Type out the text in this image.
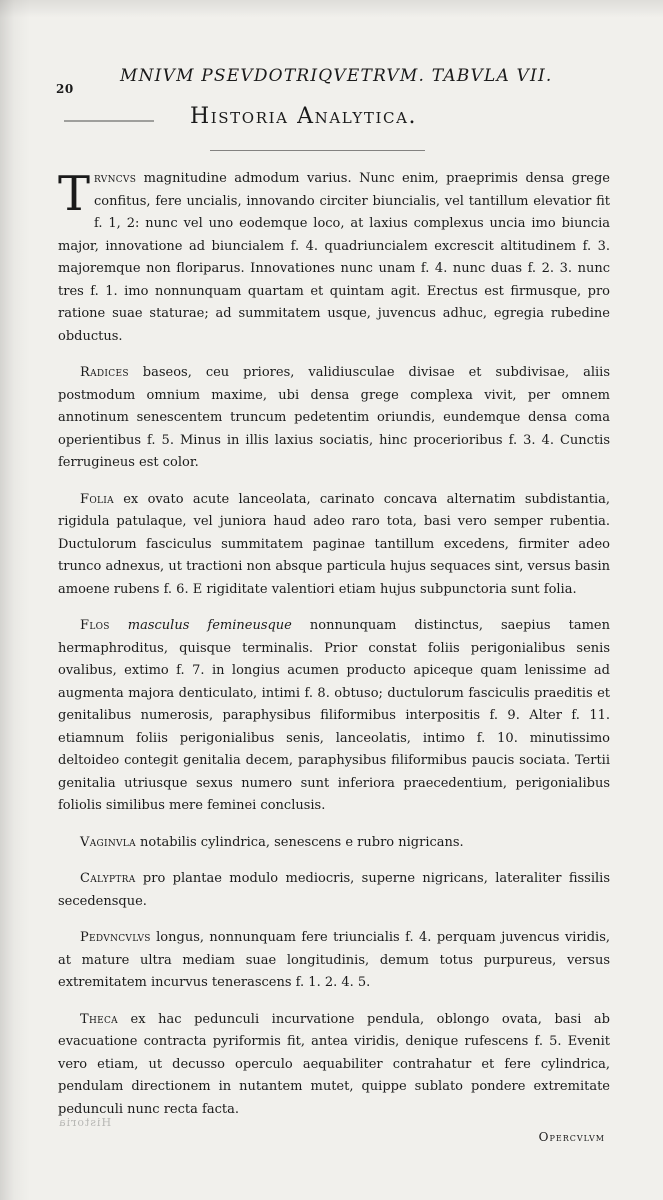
20
MNIVM PSEVDOTRIQVETRVM. TABVLA VII.
Historia Analytica.

Trvncvs magnitudine admodum varius. Nunc enim, praeprimis densa grege confitus, fere uncialis, innovando circiter biuncialis, vel tantillum elevatior fit f. 1, 2: nunc vel uno eodemque loco, at laxius complexus uncia imo biuncia major, innovatione ad biuncialem f. 4. quadriuncialem excrescit altitudinem f. 3. majoremque non floriparus. Innovationes nunc unam f. 4. nunc duas f. 2. 3. nunc tres f. 1. imo nonnunquam quartam et quintam agit. Erectus est firmusque, pro ratione suae staturae; ad summitatem usque, juvencus adhuc, egregia rubedine obductus.

Radices baseos, ceu priores, validiusculae divisae et subdivisae, aliis postmodum omnium maxime, ubi densa grege complexa vivit, per omnem annotinum senescentem truncum pedetentim oriundis, eundemque densa coma operientibus f. 5. Minus in illis laxius sociatis, hinc procerioribus f. 3. 4. Cunctis ferrugineus est color.

Folia ex ovato acute lanceolata, carinato concava alternatim subdistantia, rigidula patulaque, vel juniora haud adeo raro tota, basi vero semper rubentia. Ductulorum fasciculus summitatem paginae tantillum excedens, firmiter adeo trunco adnexus, ut tractioni non absque particula hujus sequaces sint, versus basin amoene rubens f. 6. E rigiditate valentiori etiam hujus subpunctoria sunt folia.

Flos masculus femineusque nonnunquam distinctus, saepius tamen hermaphroditus, quisque terminalis. Prior constat foliis perigonialibus senis ovalibus, extimo f. 7. in longius acumen producto apiceque quam lenissime ad augmenta majora denticulato, intimi f. 8. obtuso; ductulorum fasciculis praeditis et genitalibus numerosis, paraphysibus filiformibus interpositis f. 9. Alter f. 11. etiamnum foliis perigonialibus senis, lanceolatis, intimo f. 10. minutissimo deltoideo contegit genitalia decem, paraphysibus filiformibus paucis sociata. Tertii genitalia utriusque sexus numero sunt inferiora praecedentium, perigonialibus foliolis similibus mere feminei conclusis.

Vaginvla notabilis cylindrica, senescens e rubro nigricans.

Calyptra pro plantae modulo mediocris, superne nigricans, lateraliter fissilis secedensque.

Pedvncvlvs longus, nonnunquam fere triuncialis f. 4. perquam juvencus viridis, at mature ultra mediam suae longitudinis, demum totus purpureus, versus extremitatem incurvus tenerascens f. 1. 2. 4. 5.

Theca ex hac pedunculi incurvatione pendula, oblongo ovata, basi ab evacuatione contracta pyriformis fit, antea viridis, denique rufescens f. 5. Evenit vero etiam, ut decusso operculo aequabiliter contrahatur et fere cylindrica, pendulam directionem in nutantem mutet, quippe sublato pondere extremitate pedunculi nunc recta facta.

Historia
Opercvlvm
